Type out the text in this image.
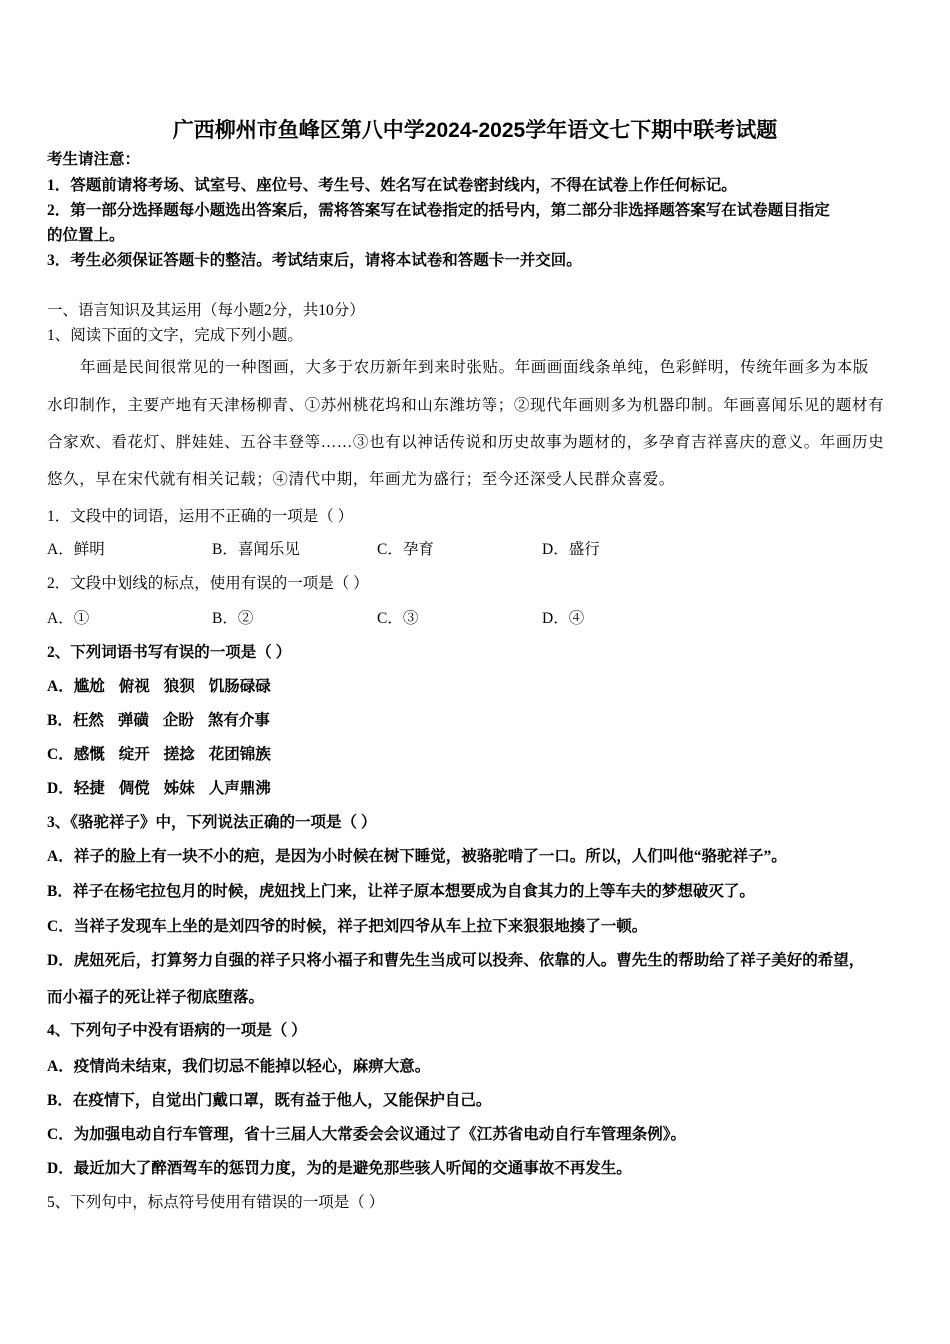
广西柳州市鱼峰区第八中学2024-2025学年语文七下期中联考试题
考生请注意：
1．答题前请将考场、试室号、座位号、考生号、姓名写在试卷密封线内，不得在试卷上作任何标记。
2．第一部分选择题每小题选出答案后，需将答案写在试卷指定的括号内，第二部分非选择题答案写在试卷题目指定
的位置上。
3．考生必须保证答题卡的整洁。考试结束后，请将本试卷和答题卡一并交回。
一、语言知识及其运用（每小题2分，共10分）
1、阅读下面的文字，完成下列小题。
年画是民间很常见的一种图画，大多于农历新年到来时张贴。年画画面线条单纯，色彩鲜明，传统年画多为本版
水印制作，主要产地有天津杨柳青、①苏州桃花坞和山东潍坊等；②现代年画则多为机器印制。年画喜闻乐见的题材有
合家欢、看花灯、胖娃娃、五谷丰登等……③也有以神话传说和历史故事为题材的，多孕育吉祥喜庆的意义。年画历史
悠久，早在宋代就有相关记载；④清代中期，年画尤为盛行；至今还深受人民群众喜爱。
1．文段中的词语，运用不正确的一项是（ ）
A．鲜明	B．喜闻乐见	C．孕育	D．盛行
2．文段中划线的标点，使用有误的一项是（ ）
A．①	B．②	C．③	D．④
2、下列词语书写有误的一项是（ ）
A．尴尬 俯视 狼狈 饥肠碌碌
B．枉然 弹磺 企盼 煞有介事
C．感慨 绽开 搓捻 花团锦族
D．轻捷 倜傥 姊妹 人声鼎沸
3、《骆驼祥子》中，下列说法正确的一项是（ ）
A．祥子的脸上有一块不小的疤，是因为小时候在树下睡觉，被骆驼啃了一口。所以，人们叫他“骆驼祥子”。
B．祥子在杨宅拉包月的时候，虎妞找上门来，让祥子原本想要成为自食其力的上等车夫的梦想破灭了。
C．当祥子发现车上坐的是刘四爷的时候，祥子把刘四爷从车上拉下来狠狠地揍了一顿。
D．虎妞死后，打算努力自强的祥子只将小福子和曹先生当成可以投奔、依靠的人。曹先生的帮助给了祥子美好的希望，
而小福子的死让祥子彻底堕落。
4、下列句子中没有语病的一项是（ ）
A．疫情尚未结束，我们切忌不能掉以轻心，麻痹大意。
B．在疫情下，自觉出门戴口罩，既有益于他人，又能保护自己。
C．为加强电动自行车管理，省十三届人大常委会会议通过了《江苏省电动自行车管理条例》。
D．最近加大了醉酒驾车的惩罚力度，为的是避免那些骇人听闻的交通事故不再发生。
5、下列句中，标点符号使用有错误的一项是（ ）
